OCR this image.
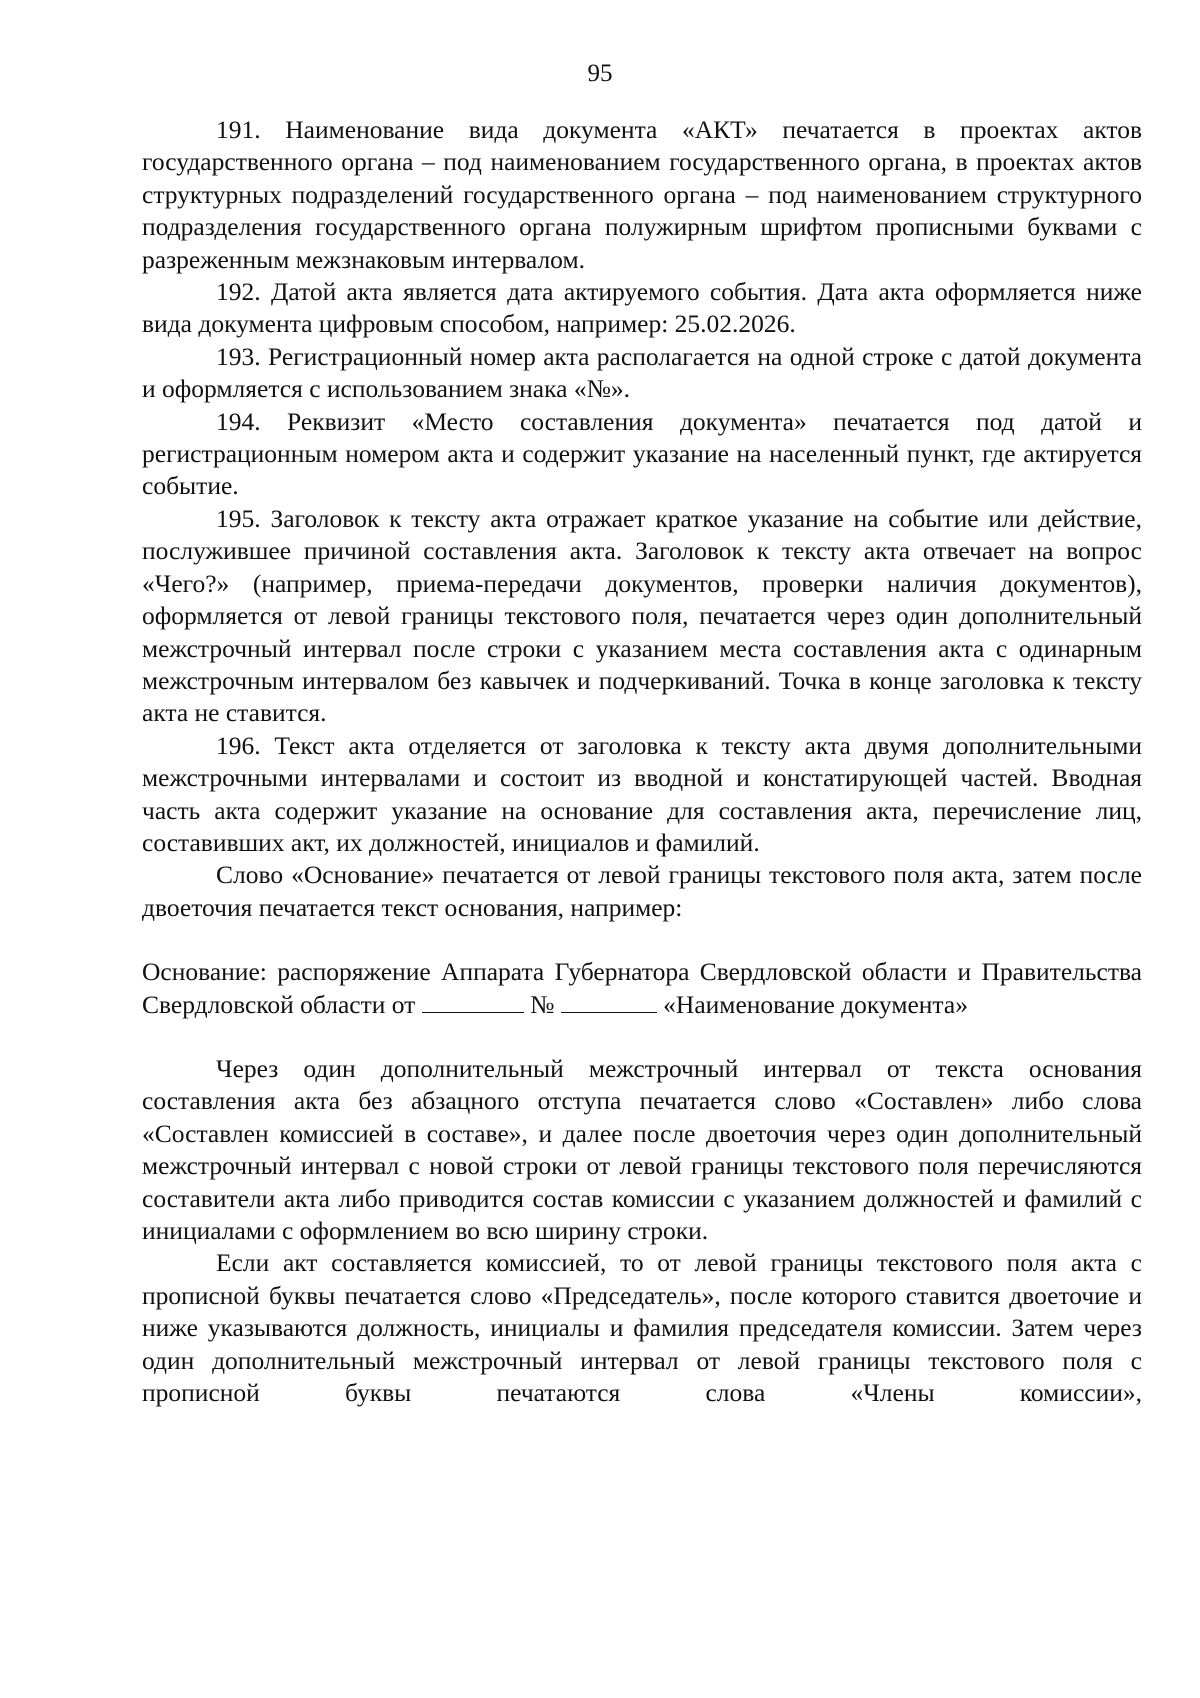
95

191. Наименование вида документа «АКТ» печатается в проектах актов государственного органа – под наименованием государственного органа, в проектах актов структурных подразделений государственного органа – под наименованием структурного подразделения государственного органа полужирным шрифтом прописными буквами с разреженным межзнаковым интервалом.

192. Датой акта является дата актируемого события. Дата акта оформляется ниже вида документа цифровым способом, например: 25.02.2026.

193. Регистрационный номер акта располагается на одной строке с датой документа и оформляется с использованием знака «№».

194. Реквизит «Место составления документа» печатается под датой и регистрационным номером акта и содержит указание на населенный пункт, где актируется событие.

195. Заголовок к тексту акта отражает краткое указание на событие или действие, послужившее причиной составления акта. Заголовок к тексту акта отвечает на вопрос «Чего?» (например, приема-передачи документов, проверки наличия документов), оформляется от левой границы текстового поля, печатается через один дополнительный межстрочный интервал после строки с указанием места составления акта с одинарным межстрочным интервалом без кавычек и подчеркиваний. Точка в конце заголовка к тексту акта не ставится.

196. Текст акта отделяется от заголовка к тексту акта двумя дополнительными межстрочными интервалами и состоит из вводной и констатирующей частей. Вводная часть акта содержит указание на основание для составления акта, перечисление лиц, составивших акт, их должностей, инициалов и фамилий.

Слово «Основание» печатается от левой границы текстового поля акта, затем после двоеточия печатается текст основания, например:

Основание: распоряжение Аппарата Губернатора Свердловской области и Правительства Свердловской области от	№	«Наименование документа»

Через один дополнительный межстрочный интервал от текста основания составления акта без абзацного отступа печатается слово «Составлен» либо слова «Составлен комиссией в составе», и далее после двоеточия через один дополнительный межстрочный интервал с новой строки от левой границы текстового поля перечисляются составители акта либо приводится состав комиссии с указанием должностей и фамилий с инициалами с оформлением во всю ширину строки.

Если акт составляется комиссией, то от левой границы текстового поля акта с прописной буквы печатается слово «Председатель», после которого ставится двоеточие и ниже указываются должность, инициалы и фамилия председателя комиссии. Затем через один дополнительный межстрочный интервал от левой границы текстового поля с прописной буквы печатаются слова «Члены комиссии»,
